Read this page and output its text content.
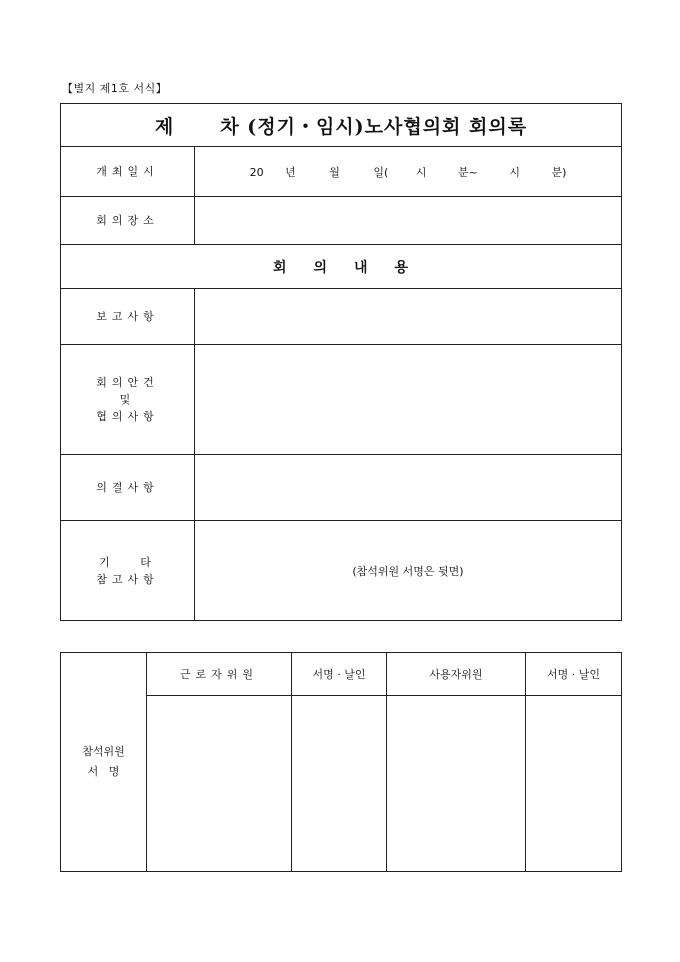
【별지 제1호 서식】
제 차 (정기・임시)노사협의회 회의록	
개최일시	20 년 월 일( 시 분~ 시 분)
회의장소	
회 의 내 용	
보고사항	

회의안건
및
협의사항	

의결사항	

기   타
참고사항	(참석위원 서명은 뒷면)
참석위원
서   명	근로자위원	서명 · 날인	사용자위원	서명 · 날인
